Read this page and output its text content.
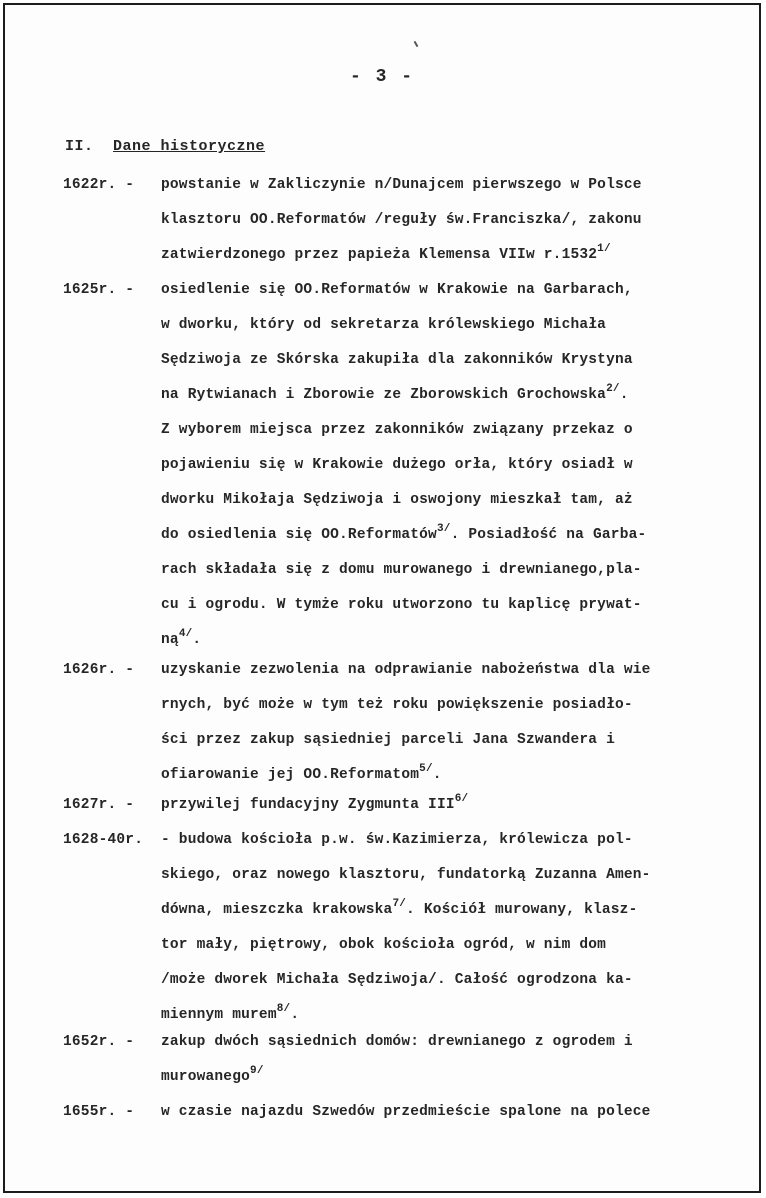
- 3 -
II. Dane historyczne
1622r. - powstanie w Zakliczynie n/Dunajcem pierwszego w Polsce
klasztoru OO.Reformatów /reguły św.Franciszka/, zakonu
zatwierdzonego przez papieża Klemensa VIIw r.1532$^{1/}$
1625r. - osiedlenie się OO.Reformatów w Krakowie na Garbarach,
w dworku, który od sekretarza królewskiego Michała
Sędziwoja ze Skórska zakupiła dla zakonników Krystyna
na Rytwianach i Zborowie ze Zborowskich Grochowska$^{2/}$.
Z wyborem miejsca przez zakonników związany przekaz o
pojawieniu się w Krakowie dużego orła, który osiadł w
dworku Mikołaja Sędziwoja i oswojony mieszkał tam, aż
do osiedlenia się OO.Reformatów$^{3/}$. Posiadłość na Garba-
rach składała się z domu murowanego i drewnianego,pla-
cu i ogrodu. W tymże roku utworzono tu kaplicę prywat-
ną$^{4/}$.
1626r. - uzyskanie zezwolenia na odprawianie nabożeństwa dla wie
rnych, być może w tym też roku powiększenie posiadło-
ści przez zakup sąsiedniej parceli Jana Szwandera i
ofiarowanie jej OO.Reformatom$^{5/}$.
1627r. - przywilej fundacyjny Zygmunta III$^{6/}$
1628-40r. - budowa kościoła p.w. św.Kazimierza, królewicza pol-
skiego, oraz nowego klasztoru, fundatorką Zuzanna Amen-
dówna, mieszczka krakowska$^{7/}$. Kościół murowany, klasz-
tor mały, piętrowy, obok kościoła ogród, w nim dom
/może dworek Michała Sędziwoja/. Całość ogrodzona ka-
miennym murem$^{8/}$.
1652r. - zakup dwóch sąsiednich domów: drewnianego z ogrodem i
murowanego$^{9/}$
1655r. - w czasie najazdu Szwedów przedmieście spalone na polece
